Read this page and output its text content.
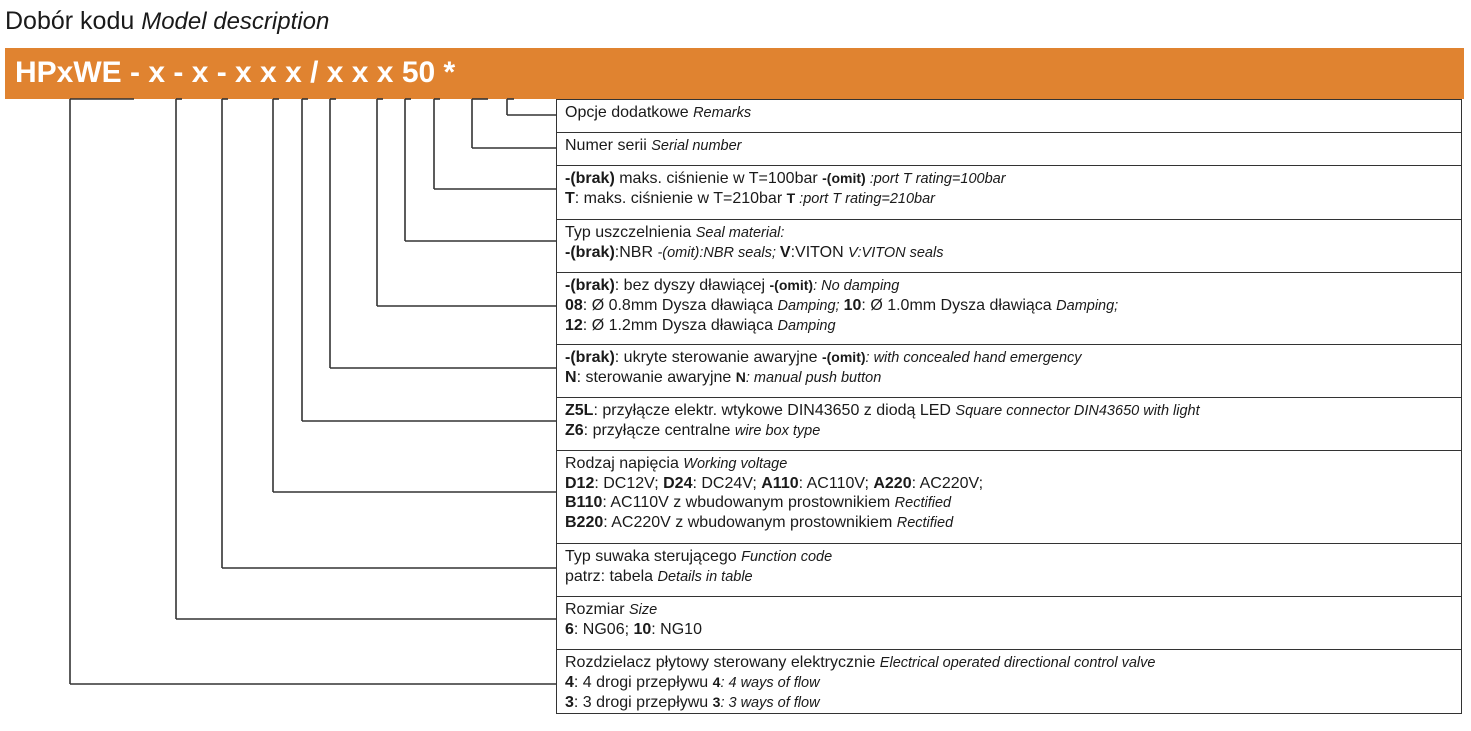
Dobór kodu Model description
HPxWE - x - x - x x x / x x x 50 *
Opcje dodatkowe Remarks
Numer serii Serial number
-(brak) maks. ciśnienie w T=100bar -(omit) :port T rating=100bar
T: maks. ciśnienie w T=210bar T :port T rating=210bar
Typ uszczelnienia Seal material:
-(brak):NBR -(omit):NBR seals; V:VITON V:VITON seals
-(brak): bez dyszy dławiącej -(omit): No damping
08: Ø 0.8mm Dysza dławiąca Damping; 10: Ø 1.0mm Dysza dławiąca Damping;
12: Ø 1.2mm Dysza dławiąca Damping
-(brak): ukryte sterowanie awaryjne -(omit): with concealed hand emergency
N: sterowanie awaryjne N: manual push button
Z5L: przyłącze elektr. wtykowe DIN43650 z diodą LED Square connector DIN43650 with light
Z6: przyłącze centralne wire box type
Rodzaj napięcia Working voltage
D12: DC12V; D24: DC24V; A110: AC110V; A220: AC220V;
B110: AC110V z wbudowanym prostownikiem Rectified
B220: AC220V z wbudowanym prostownikiem Rectified
Typ suwaka sterującego Function code
patrz: tabela Details in table
Rozmiar Size
6: NG06; 10: NG10
Rozdzielacz płytowy sterowany elektrycznie Electrical operated directional control valve
4: 4 drogi przepływu 4: 4 ways of flow
3: 3 drogi przepływu 3: 3 ways of flow
